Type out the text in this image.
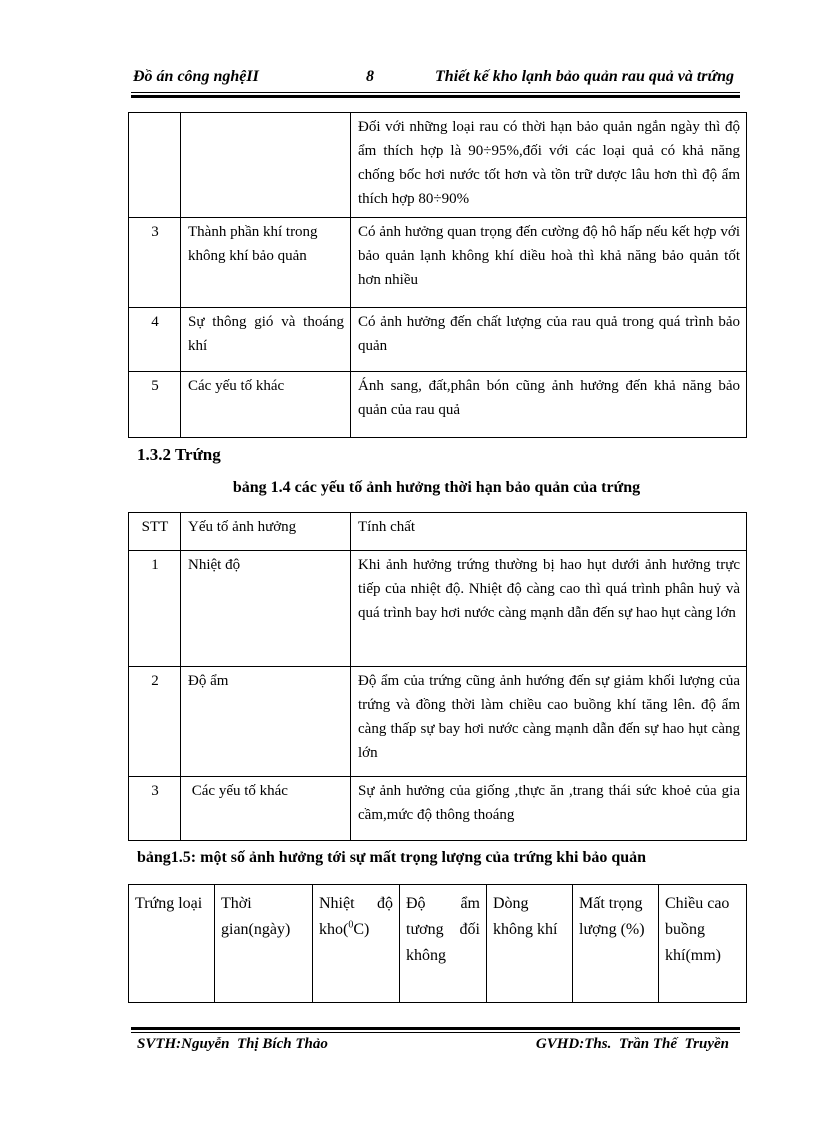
Đồ án công nghệII	8	Thiết kế kho lạnh bảo quản rau quả và trứng
		Đối với những loại rau có thời hạn bảo quản ngắn ngày thì độ ẩm thích hợp là 90÷95%,đối với các loại quả có khả năng chống bốc hơi nước tốt hơn và tồn trữ dược lâu hơn thì độ ẩm thích hợp 80÷90%
3	Thành phần khí trong không khí bảo quản	Có ảnh hưởng quan trọng đến cường độ hô hấp nếu kết hợp với bảo quản lạnh không khí diều hoà thì khả năng bảo quản tốt hơn nhiều
4	Sự thông gió và thoáng khí	Có ảnh hưởng đến chất lượng của rau quả trong quá trình bảo quản
5	Các yếu tố khác	Ánh sang, đất,phân bón cũng ảnh hưởng đến khả năng bảo quản của rau quả
1.3.2 Trứng
bảng 1.4 các yếu tố ảnh hưởng thời hạn bảo quản của trứng
STT	Yếu tố ảnh hưởng	Tính chất
1	Nhiệt độ	Khi ảnh hưởng trứng thường bị hao hụt dưới ảnh hưởng trực tiếp của nhiệt độ. Nhiệt độ càng cao thì quá trình phân huỷ và quá trình bay hơi nước càng mạnh dẫn đến sự hao hụt càng lớn
2	Độ ẩm	Độ ẩm của trứng cũng ảnh hướng đến sự giảm khối lượng của trứng và đồng thời làm chiều cao buồng khí tăng lên. độ ẩm càng thấp sự bay hơi nước càng mạnh dẫn đến sự hao hụt càng lớn
3	Các yếu tố khác	Sự ảnh hưởng của giống ,thực ăn ,trang thái sức khoẻ của gia cầm,mức độ thông thoáng
bảng1.5: một số ảnh hưởng tới sự mất trọng lượng của trứng khi bảo quản
Trứng loại	Thời gian(ngày)	Nhiệt độ kho($^0$C)	Độ ẩm tương đối không	Dòng không khí	Mất trọng lượng (%)	Chiều cao buồng khí(mm)
SVTH:Nguyễn  Thị Bích Thảo	GVHD:Ths.  Trần Thế  Truyền
